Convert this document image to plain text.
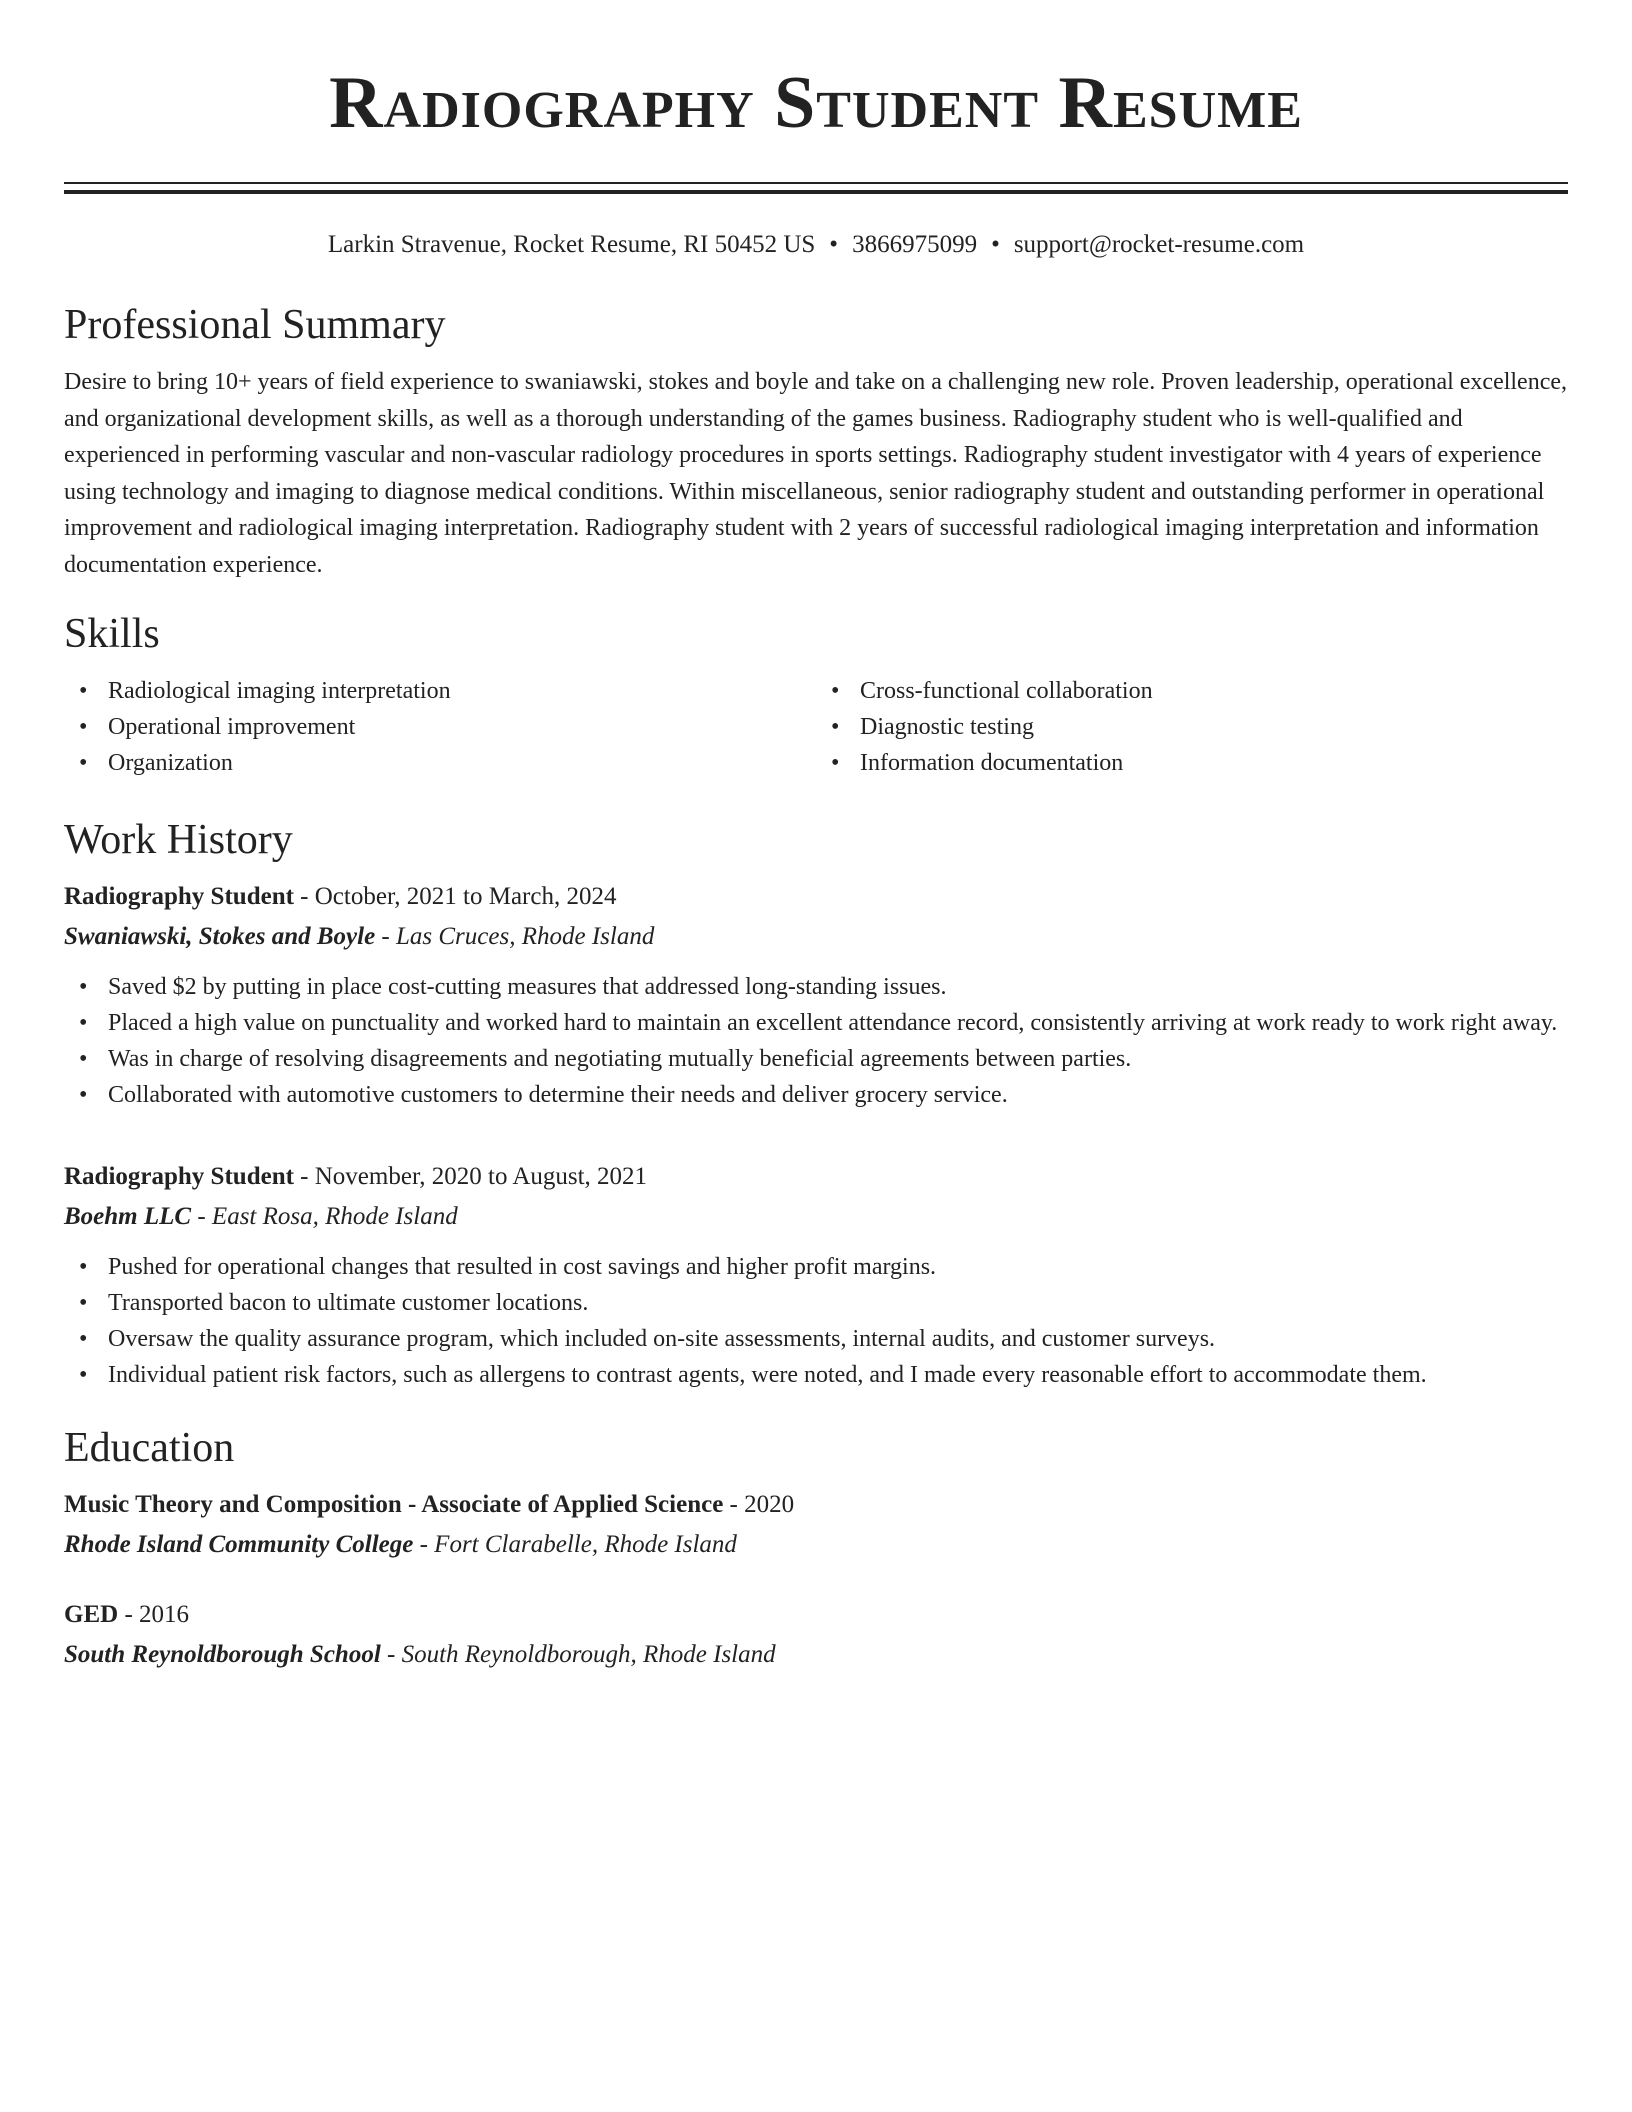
Radiography Student Resume
Larkin Stravenue, Rocket Resume, RI 50452 US • 3866975099 • support@rocket-resume.com
Professional Summary

Desire to bring 10+ years of field experience to swaniawski, stokes and boyle and take on a challenging new role. Proven leadership, operational excellence, and organizational development skills, as well as a thorough understanding of the games business. Radiography student who is well-qualified and experienced in performing vascular and non-vascular radiology procedures in sports settings. Radiography student investigator with 4 years of experience using technology and imaging to diagnose medical conditions. Within miscellaneous, senior radiography student and outstanding performer in operational improvement and radiological imaging interpretation. Radiography student with 2 years of successful radiological imaging interpretation and information documentation experience.

Skills
• Radiological imaging interpretation
• Operational improvement
• Organization
• Cross-functional collaboration
• Diagnostic testing
• Information documentation
Work History
Radiography Student - October, 2021 to March, 2024
Swaniawski, Stokes and Boyle - Las Cruces, Rhode Island
• Saved $2 by putting in place cost-cutting measures that addressed long-standing issues.
• Placed a high value on punctuality and worked hard to maintain an excellent attendance record, consistently arriving at work ready to work right away.
• Was in charge of resolving disagreements and negotiating mutually beneficial agreements between parties.
• Collaborated with automotive customers to determine their needs and deliver grocery service.
Radiography Student - November, 2020 to August, 2021
Boehm LLC - East Rosa, Rhode Island
• Pushed for operational changes that resulted in cost savings and higher profit margins.
• Transported bacon to ultimate customer locations.
• Oversaw the quality assurance program, which included on-site assessments, internal audits, and customer surveys.
• Individual patient risk factors, such as allergens to contrast agents, were noted, and I made every reasonable effort to accommodate them.
Education
Music Theory and Composition - Associate of Applied Science - 2020
Rhode Island Community College - Fort Clarabelle, Rhode Island
GED - 2016
South Reynoldborough School - South Reynoldborough, Rhode Island
